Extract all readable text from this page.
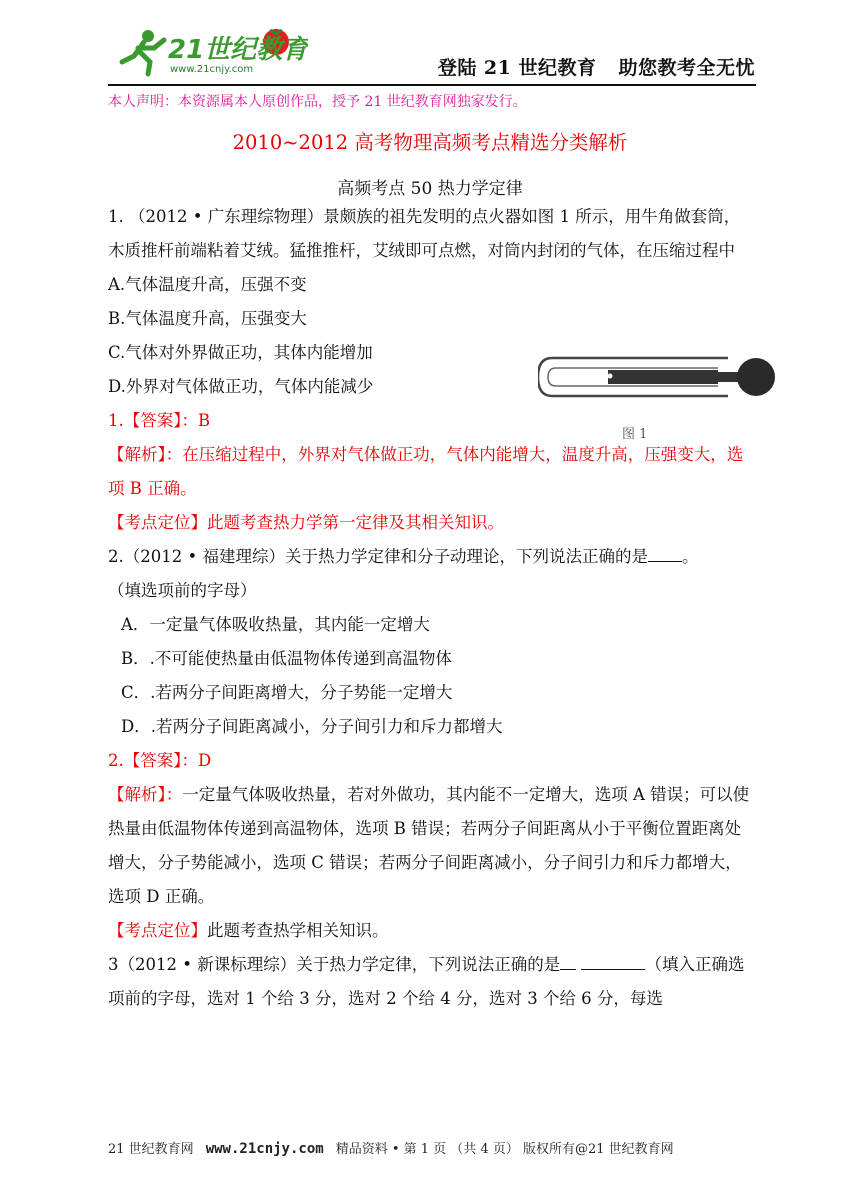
21世纪教育
www.21cnjy.com	登陆 21 世纪教育 助您教考全无忧
本人声明：本资源属本人原创作品，授予 21 世纪教育网独家发行。
2010~2012 高考物理高频考点精选分类解析
高频考点 50 热力学定律

1. （2012 • 广东理综物理）景颇族的祖先发明的点火器如图 1 所示，用牛角做套筒，木质推杆前端粘着艾绒。猛推推杆，艾绒即可点燃，对筒内封闭的气体，在压缩过程中

A.气体温度升高，压强不变

B.气体温度升高，压强变大

C.气体对外界做正功，其体内能增加

D.外界对气体做正功，气体内能减少

1.【答案】：B

【解析】：在压缩过程中，外界对气体做正功，气体内能增大，温度升高，压强变大，选项 B 正确。

【考点定位】此题考查热力学第一定律及其相关知识。

2.（2012 • 福建理综）关于热力学定律和分子动理论，下列说法正确的是 。

（填选项前的字母）

A．一定量气体吸收热量，其内能一定增大

B．.不可能使热量由低温物体传递到高温物体

C．.若两分子间距离增大，分子势能一定增大

D．.若两分子间距离减小，分子间引力和斥力都增大

2.【答案】：D

【解析】：一定量气体吸收热量，若对外做功，其内能不一定增大，选项 A 错误；可以使热量由低温物体传递到高温物体，选项 B 错误；若两分子间距离从小于平衡位置距离处增大，分子势能减小，选项 C 错误；若两分子间距离减小，分子间引力和斥力都增大，选项 D 正确。

【考点定位】此题考查热学相关知识。

3（2012 • 新课标理综）关于热力学定律，下列说法正确的是	（填入正确选项前的字母，选对 1 个给 3 分，选对 2 个给 4 分，选对 3 个给 6 分，每选

图 1
21 世纪教育网 www.21cnjy.com 精品资料 • 第 1 页 （共 4 页） 版权所有@21 世纪教育网
